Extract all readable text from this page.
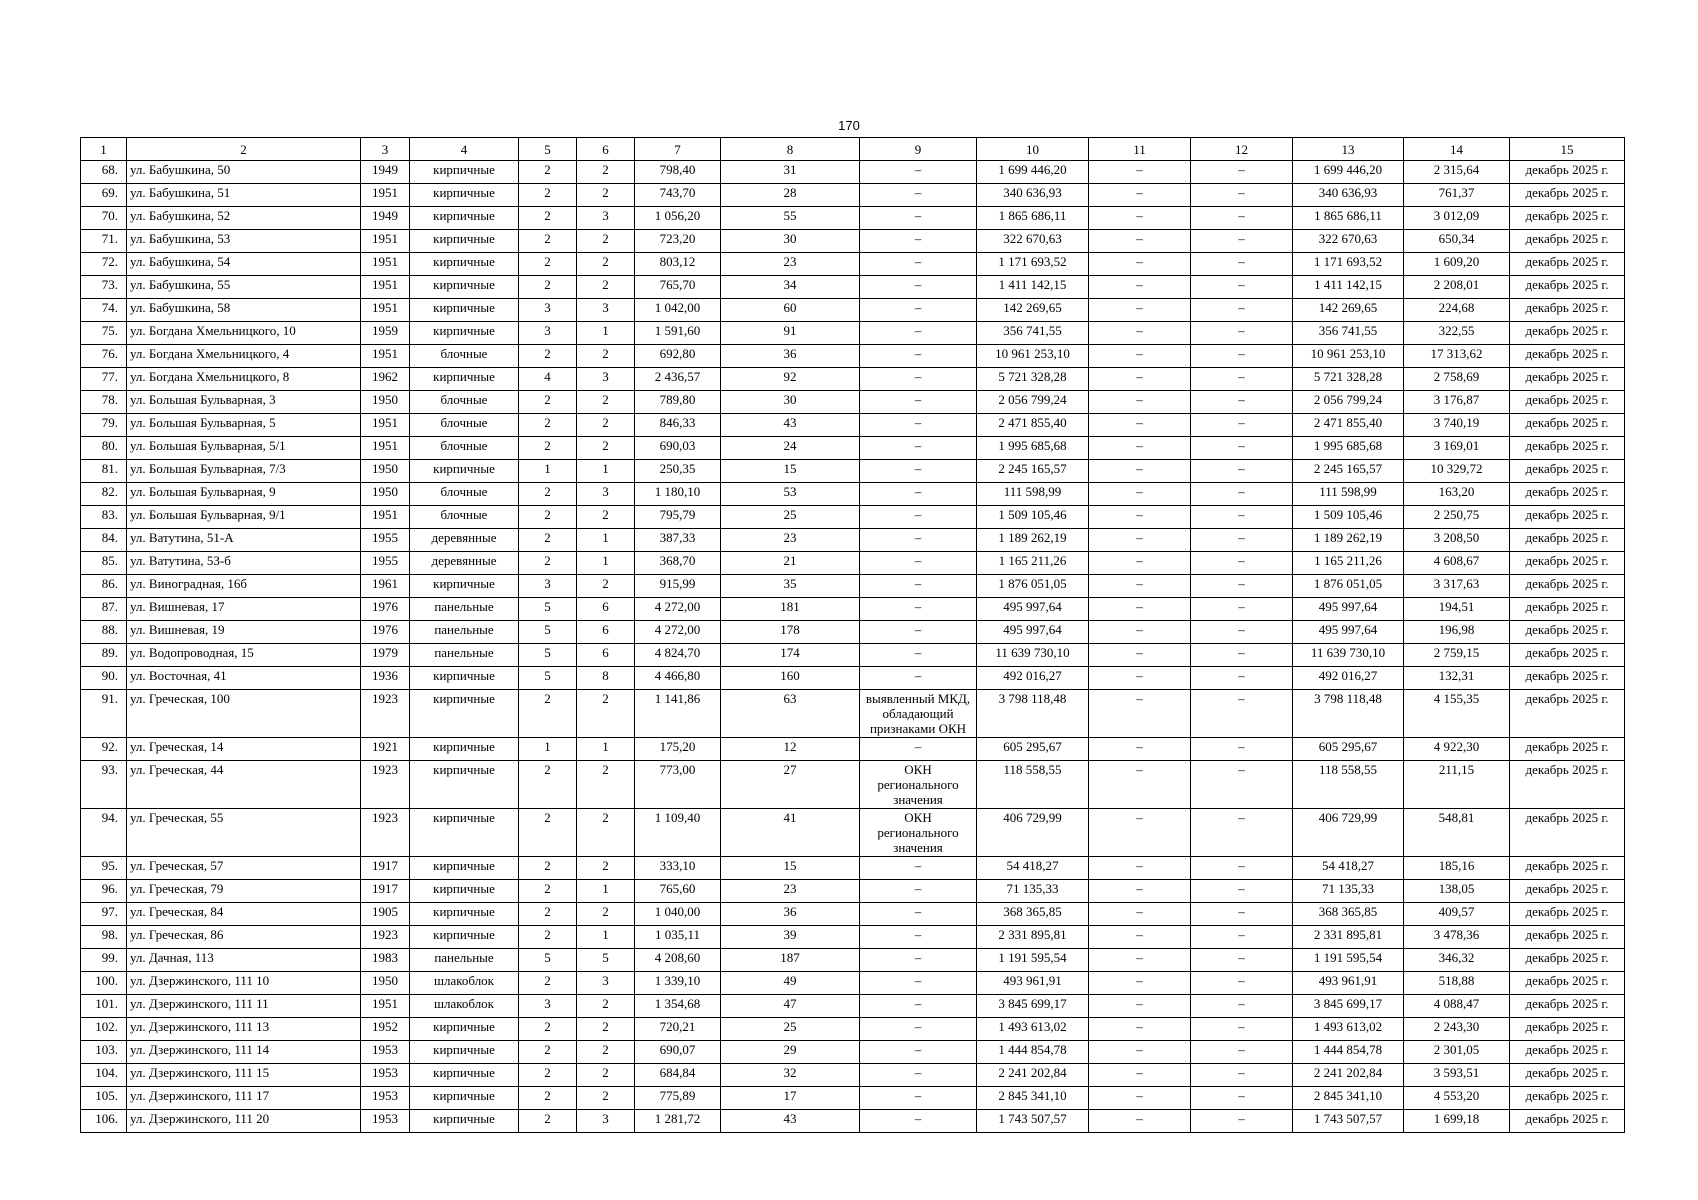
170
1	2	3	4	5	6	7	8	9	10	11	12	13	14	15
68.	ул. Бабушкина, 50	1949	кирпичные	2	2	798,40	31	–	1 699 446,20	–	–	1 699 446,20	2 315,64	декабрь 2025 г.
69.	ул. Бабушкина, 51	1951	кирпичные	2	2	743,70	28	–	340 636,93	–	–	340 636,93	761,37	декабрь 2025 г.
70.	ул. Бабушкина, 52	1949	кирпичные	2	3	1 056,20	55	–	1 865 686,11	–	–	1 865 686,11	3 012,09	декабрь 2025 г.
71.	ул. Бабушкина, 53	1951	кирпичные	2	2	723,20	30	–	322 670,63	–	–	322 670,63	650,34	декабрь 2025 г.
72.	ул. Бабушкина, 54	1951	кирпичные	2	2	803,12	23	–	1 171 693,52	–	–	1 171 693,52	1 609,20	декабрь 2025 г.
73.	ул. Бабушкина, 55	1951	кирпичные	2	2	765,70	34	–	1 411 142,15	–	–	1 411 142,15	2 208,01	декабрь 2025 г.
74.	ул. Бабушкина, 58	1951	кирпичные	3	3	1 042,00	60	–	142 269,65	–	–	142 269,65	224,68	декабрь 2025 г.
75.	ул. Богдана Хмельницкого, 10	1959	кирпичные	3	1	1 591,60	91	–	356 741,55	–	–	356 741,55	322,55	декабрь 2025 г.
76.	ул. Богдана Хмельницкого, 4	1951	блочные	2	2	692,80	36	–	10 961 253,10	–	–	10 961 253,10	17 313,62	декабрь 2025 г.
77.	ул. Богдана Хмельницкого, 8	1962	кирпичные	4	3	2 436,57	92	–	5 721 328,28	–	–	5 721 328,28	2 758,69	декабрь 2025 г.
78.	ул. Большая Бульварная, 3	1950	блочные	2	2	789,80	30	–	2 056 799,24	–	–	2 056 799,24	3 176,87	декабрь 2025 г.
79.	ул. Большая Бульварная, 5	1951	блочные	2	2	846,33	43	–	2 471 855,40	–	–	2 471 855,40	3 740,19	декабрь 2025 г.
80.	ул. Большая Бульварная, 5/1	1951	блочные	2	2	690,03	24	–	1 995 685,68	–	–	1 995 685,68	3 169,01	декабрь 2025 г.
81.	ул. Большая Бульварная, 7/3	1950	кирпичные	1	1	250,35	15	–	2 245 165,57	–	–	2 245 165,57	10 329,72	декабрь 2025 г.
82.	ул. Большая Бульварная, 9	1950	блочные	2	3	1 180,10	53	–	111 598,99	–	–	111 598,99	163,20	декабрь 2025 г.
83.	ул. Большая Бульварная, 9/1	1951	блочные	2	2	795,79	25	–	1 509 105,46	–	–	1 509 105,46	2 250,75	декабрь 2025 г.
84.	ул. Ватутина, 51-А	1955	деревянные	2	1	387,33	23	–	1 189 262,19	–	–	1 189 262,19	3 208,50	декабрь 2025 г.
85.	ул. Ватутина, 53-б	1955	деревянные	2	1	368,70	21	–	1 165 211,26	–	–	1 165 211,26	4 608,67	декабрь 2025 г.
86.	ул. Виноградная, 16б	1961	кирпичные	3	2	915,99	35	–	1 876 051,05	–	–	1 876 051,05	3 317,63	декабрь 2025 г.
87.	ул. Вишневая, 17	1976	панельные	5	6	4 272,00	181	–	495 997,64	–	–	495 997,64	194,51	декабрь 2025 г.
88.	ул. Вишневая, 19	1976	панельные	5	6	4 272,00	178	–	495 997,64	–	–	495 997,64	196,98	декабрь 2025 г.
89.	ул. Водопроводная, 15	1979	панельные	5	6	4 824,70	174	–	11 639 730,10	–	–	11 639 730,10	2 759,15	декабрь 2025 г.
90.	ул. Восточная, 41	1936	кирпичные	5	8	4 466,80	160	–	492 016,27	–	–	492 016,27	132,31	декабрь 2025 г.
91.	ул. Греческая, 100	1923	кирпичные	2	2	1 141,86	63	выявленный МКД, обладающий признаками ОКН	3 798 118,48	–	–	3 798 118,48	4 155,35	декабрь 2025 г.
92.	ул. Греческая, 14	1921	кирпичные	1	1	175,20	12	–	605 295,67	–	–	605 295,67	4 922,30	декабрь 2025 г.
93.	ул. Греческая, 44	1923	кирпичные	2	2	773,00	27	ОКН регионального значения	118 558,55	–	–	118 558,55	211,15	декабрь 2025 г.
94.	ул. Греческая, 55	1923	кирпичные	2	2	1 109,40	41	ОКН регионального значения	406 729,99	–	–	406 729,99	548,81	декабрь 2025 г.
95.	ул. Греческая, 57	1917	кирпичные	2	2	333,10	15	–	54 418,27	–	–	54 418,27	185,16	декабрь 2025 г.
96.	ул. Греческая, 79	1917	кирпичные	2	1	765,60	23	–	71 135,33	–	–	71 135,33	138,05	декабрь 2025 г.
97.	ул. Греческая, 84	1905	кирпичные	2	2	1 040,00	36	–	368 365,85	–	–	368 365,85	409,57	декабрь 2025 г.
98.	ул. Греческая, 86	1923	кирпичные	2	1	1 035,11	39	–	2 331 895,81	–	–	2 331 895,81	3 478,36	декабрь 2025 г.
99.	ул. Дачная, 113	1983	панельные	5	5	4 208,60	187	–	1 191 595,54	–	–	1 191 595,54	346,32	декабрь 2025 г.
100.	ул. Дзержинского, 111 10	1950	шлакоблок	2	3	1 339,10	49	–	493 961,91	–	–	493 961,91	518,88	декабрь 2025 г.
101.	ул. Дзержинского, 111 11	1951	шлакоблок	3	2	1 354,68	47	–	3 845 699,17	–	–	3 845 699,17	4 088,47	декабрь 2025 г.
102.	ул. Дзержинского, 111 13	1952	кирпичные	2	2	720,21	25	–	1 493 613,02	–	–	1 493 613,02	2 243,30	декабрь 2025 г.
103.	ул. Дзержинского, 111 14	1953	кирпичные	2	2	690,07	29	–	1 444 854,78	–	–	1 444 854,78	2 301,05	декабрь 2025 г.
104.	ул. Дзержинского, 111 15	1953	кирпичные	2	2	684,84	32	–	2 241 202,84	–	–	2 241 202,84	3 593,51	декабрь 2025 г.
105.	ул. Дзержинского, 111 17	1953	кирпичные	2	2	775,89	17	–	2 845 341,10	–	–	2 845 341,10	4 553,20	декабрь 2025 г.
106.	ул. Дзержинского, 111 20	1953	кирпичные	2	3	1 281,72	43	–	1 743 507,57	–	–	1 743 507,57	1 699,18	декабрь 2025 г.
